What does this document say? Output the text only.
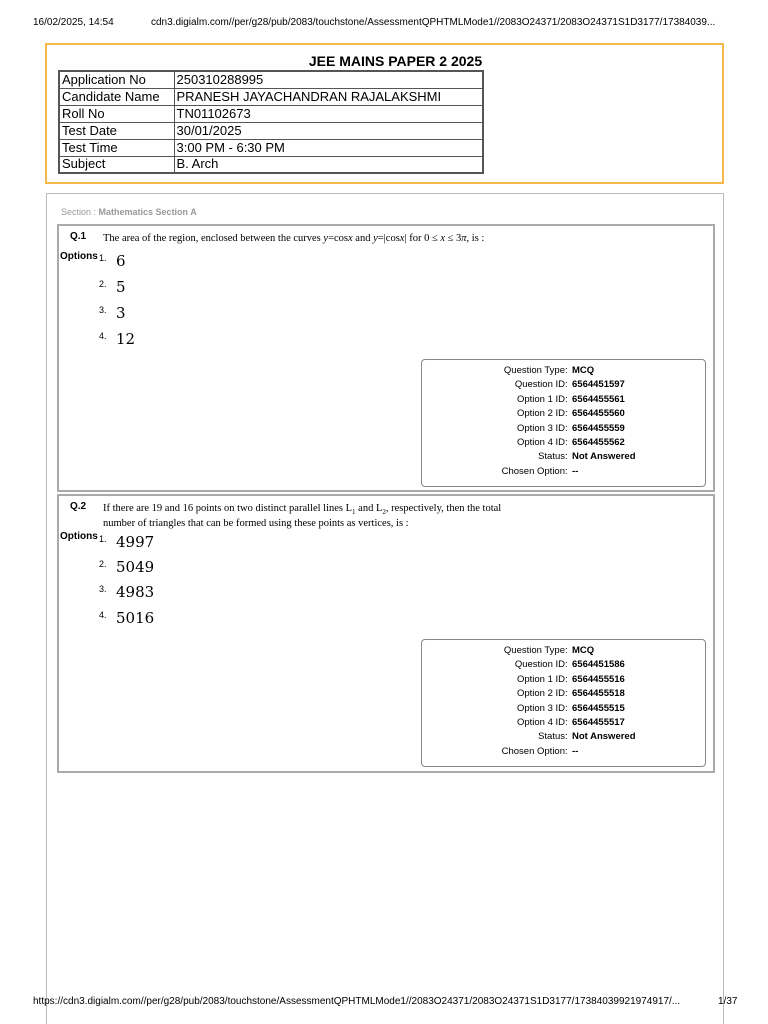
16/02/2025, 14:54	cdn3.digialm.com//per/g28/pub/2083/touchstone/AssessmentQPHTMLMode1//2083O24371/2083O24371S1D3177/17384039...
JEE MAINS PAPER 2 2025
Application No	250310288995
Candidate Name	PRANESH JAYACHANDRAN RAJALAKSHMI
Roll No	TN01102673
Test Date	30/01/2025
Test Time	3:00 PM - 6:30 PM
Subject	B. Arch
Section : Mathematics Section A
Q.1 The area of the region, enclosed between the curves y=cosx and y=|cosx| for 0 ≤ x ≤ 3π, is :
Options 1. 6
2. 5
3. 3
4. 12
Question Type : MCQ
Question ID : 6564451597
Option 1 ID : 6564455561
Option 2 ID : 6564455560
Option 3 ID : 6564455559
Option 4 ID : 6564455562
Status : Not Answered
Chosen Option : --
Q.2 If there are 19 and 16 points on two distinct parallel lines $L_1$ and $L_2$, respectively, then the total
number of triangles that can be formed using these points as vertices, is :
Options 1. 4997
2. 5049
3. 4983
4. 5016
Question Type : MCQ
Question ID : 6564451586
Option 1 ID : 6564455516
Option 2 ID : 6564455518
Option 3 ID : 6564455515
Option 4 ID : 6564455517
Status : Not Answered
Chosen Option : --
https://cdn3.digialm.com//per/g28/pub/2083/touchstone/AssessmentQPHTMLMode1//2083O24371/2083O24371S1D3177/17384039921974917/...	1/37
